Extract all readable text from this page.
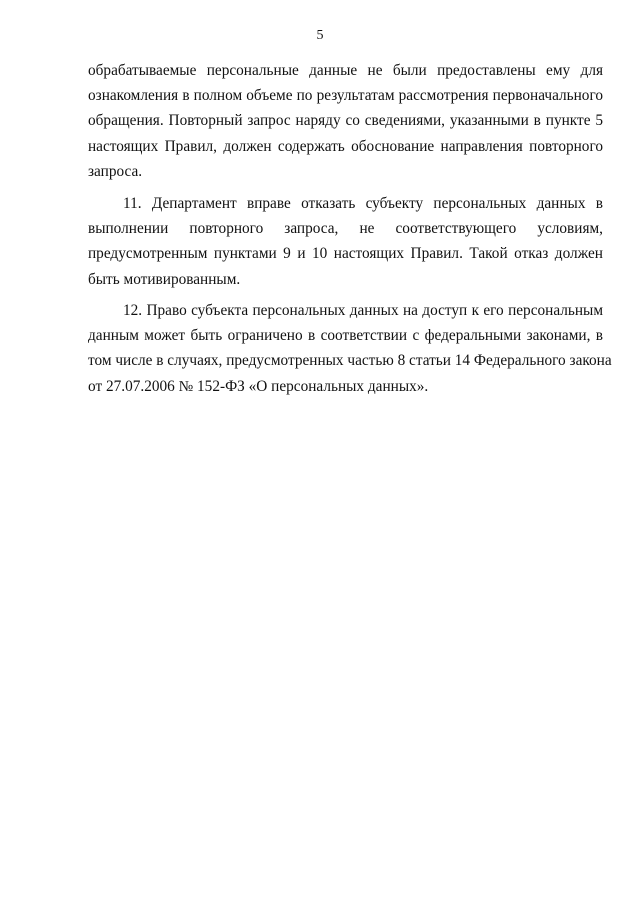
5
обрабатываемые персональные данные не были предоставлены ему для
ознакомления в полном объеме по результатам рассмотрения первоначального
обращения. Повторный запрос наряду со сведениями, указанными в пункте 5
настоящих Правил, должен содержать обоснование направления повторного
запроса.
11. Департамент вправе отказать субъекту персональных данных в
выполнении повторного запроса, не соответствующего условиям,
предусмотренным пунктами 9 и 10 настоящих Правил. Такой отказ должен
быть мотивированным.
12. Право субъекта персональных данных на доступ к его персональным
данным может быть ограничено в соответствии с федеральными законами, в
том числе в случаях, предусмотренных частью 8 статьи 14 Федерального закона
от 27.07.2006 № 152-ФЗ «О персональных данных».
